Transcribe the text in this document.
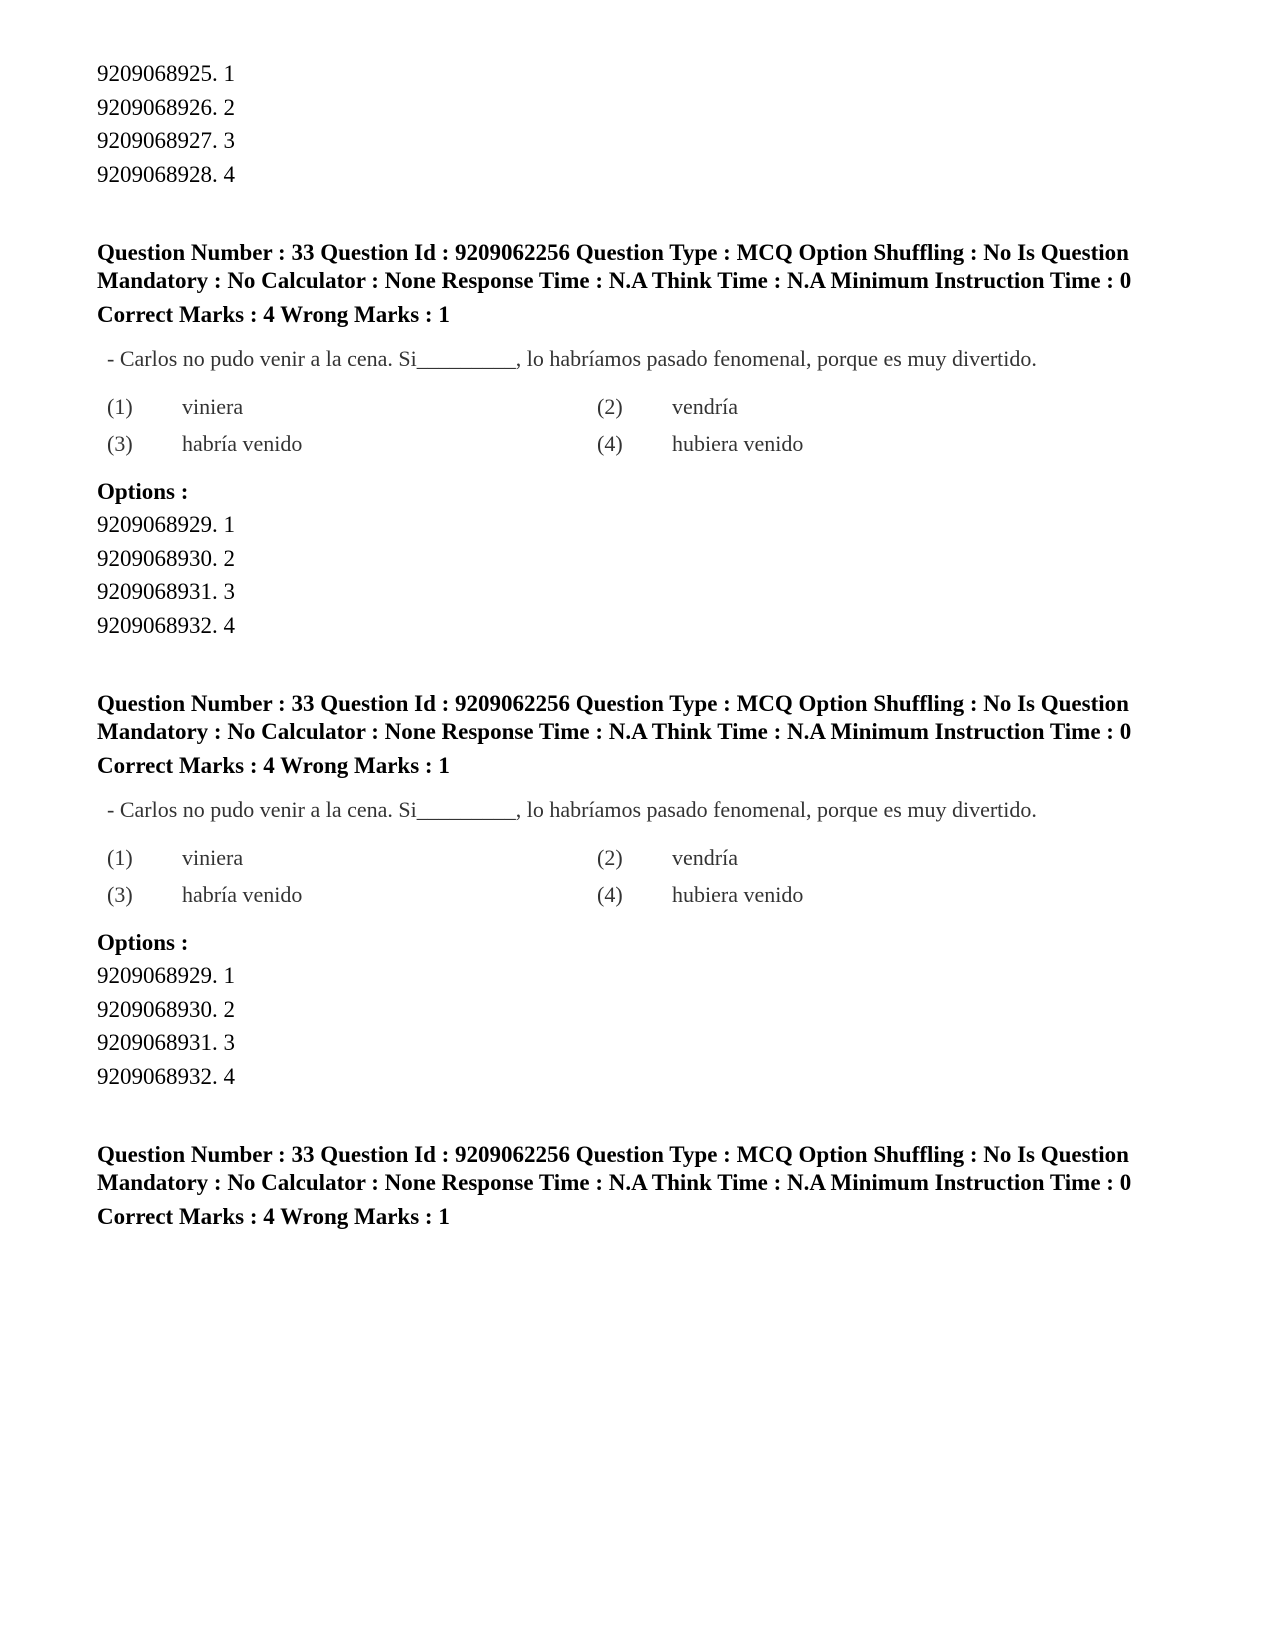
9209068925. 1
9209068926. 2
9209068927. 3
9209068928. 4
Question Number : 33 Question Id : 9209062256 Question Type : MCQ Option Shuffling : No Is Question Mandatory : No Calculator : None Response Time : N.A Think Time : N.A Minimum Instruction Time : 0
Correct Marks : 4 Wrong Marks : 1
- Carlos no pudo venir a la cena. Si_________, lo habríamos pasado fenomenal, porque es muy divertido.
(1)	viniera	(2)	vendría
(3)	habría venido	(4)	hubiera venido
Options :
9209068929. 1
9209068930. 2
9209068931. 3
9209068932. 4
Question Number : 33 Question Id : 9209062256 Question Type : MCQ Option Shuffling : No Is Question Mandatory : No Calculator : None Response Time : N.A Think Time : N.A Minimum Instruction Time : 0
Correct Marks : 4 Wrong Marks : 1
- Carlos no pudo venir a la cena. Si_________, lo habríamos pasado fenomenal, porque es muy divertido.
(1)	viniera	(2)	vendría
(3)	habría venido	(4)	hubiera venido
Options :
9209068929. 1
9209068930. 2
9209068931. 3
9209068932. 4
Question Number : 33 Question Id : 9209062256 Question Type : MCQ Option Shuffling : No Is Question Mandatory : No Calculator : None Response Time : N.A Think Time : N.A Minimum Instruction Time : 0
Correct Marks : 4 Wrong Marks : 1
